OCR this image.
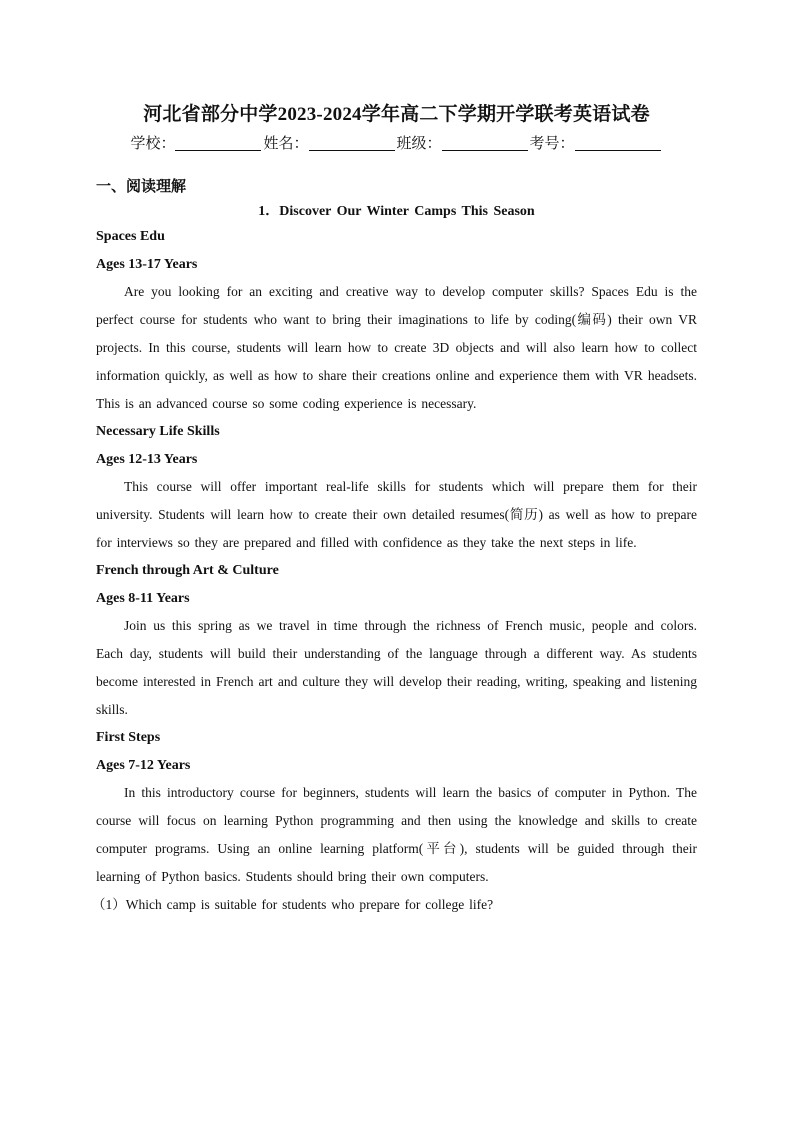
河北省部分中学2023-2024学年高二下学期开学联考英语试卷
学校：	姓名：	班级：	考号：
一、阅读理解
1．Discover Our Winter Camps This Season
Spaces Edu
Ages 13-17 Years

Are you looking for an exciting and creative way to develop computer skills? Spaces Edu is the perfect course for students who want to bring their imaginations to life by coding(编码) their own VR projects. In this course, students will learn how to create 3D objects and will also learn how to collect information quickly, as well as how to share their creations online and experience them with VR headsets. This is an advanced course so some coding experience is necessary.

Necessary Life Skills
Ages 12-13 Years

This course will offer important real-life skills for students which will prepare them for their university. Students will learn how to create their own detailed resumes(简历) as well as how to prepare for interviews so they are prepared and filled with confidence as they take the next steps in life.

French through Art & Culture
Ages 8-11 Years

Join us this spring as we travel in time through the richness of French music, people and colors. Each day, students will build their understanding of the language through a different way. As students become interested in French art and culture they will develop their reading, writing, speaking and listening skills.

First Steps
Ages 7-12 Years

In this introductory course for beginners, students will learn the basics of computer in Python. The course will focus on learning Python programming and then using the knowledge and skills to create computer programs. Using an online learning platform(平台), students will be guided through their learning of Python basics. Students should bring their own computers.

（1）Which camp is suitable for students who prepare for college life?
